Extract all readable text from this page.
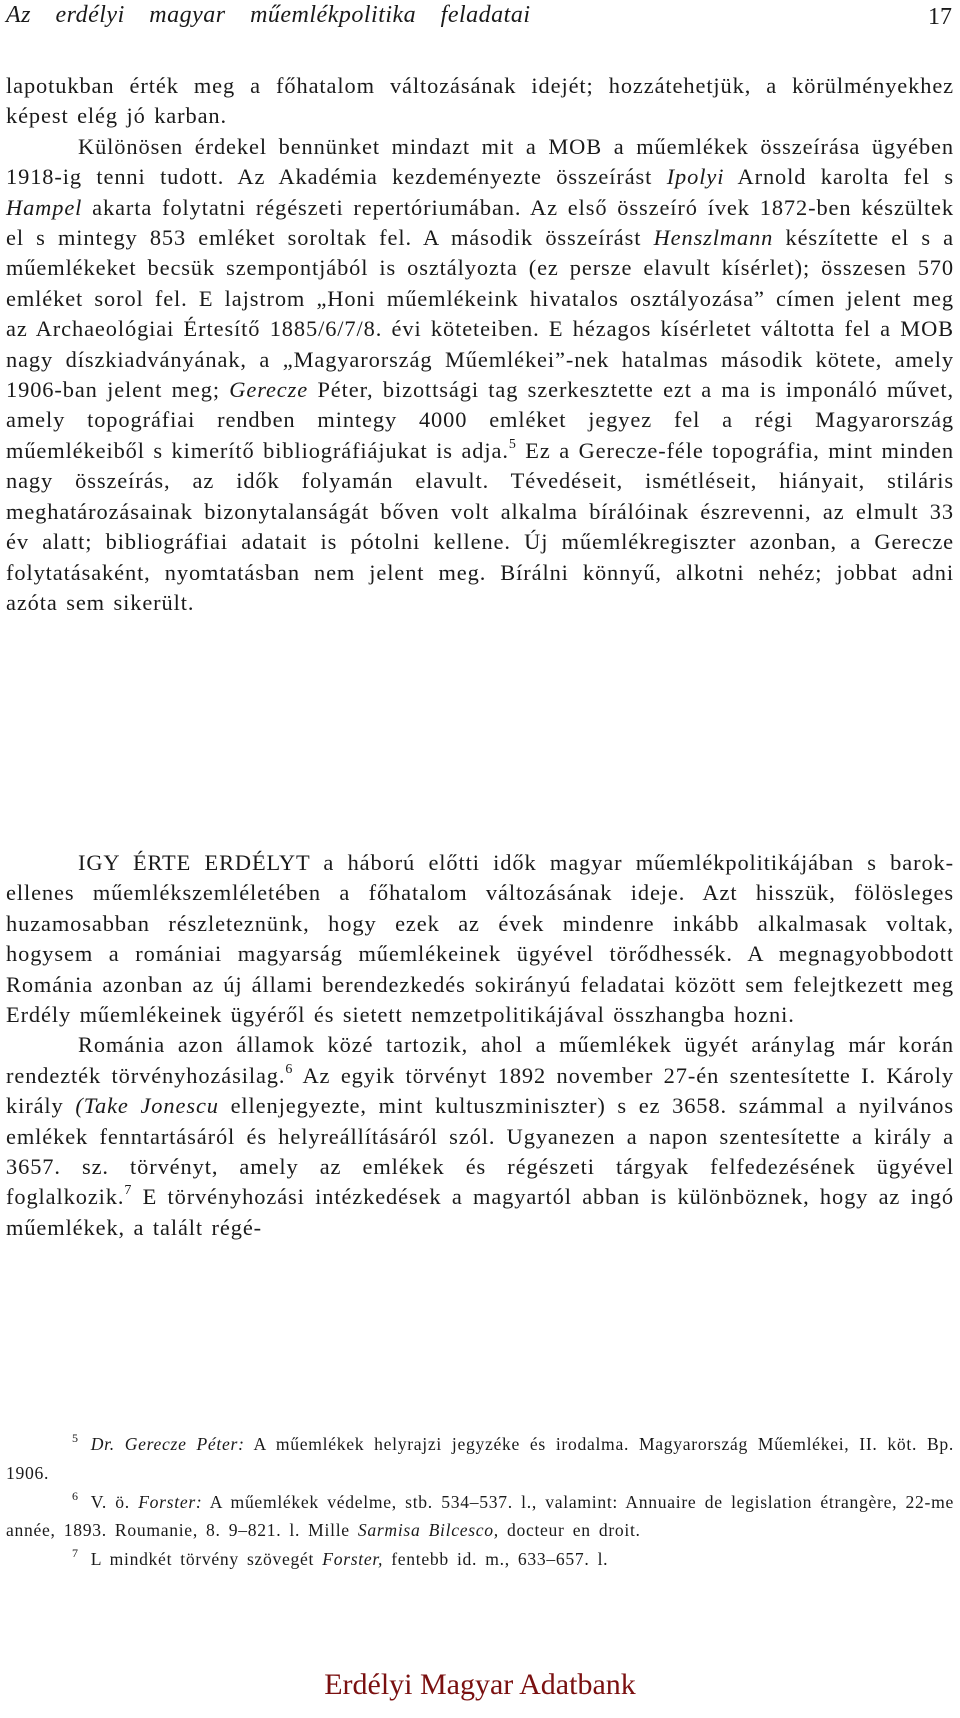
Az erdélyi magyar műemlékpolitika feladatai	17

lapotukban érték meg a főhatalom változásának idejét; hozzátehetjük, a körülményekhez képest elég jó karban.

Különösen érdekel bennünket mindazt mit a MOB a műemlékek összeírása ügyében 1918-ig tenni tudott. Az Akadémia kezdeményezte összeírást Ipolyi Arnold karolta fel s Hampel akarta folytatni régészeti repertóriumában. Az első összeíró ívek 1872-ben készültek el s mintegy 853 emléket soroltak fel. A második összeírást Henszlmann készítette el s a műemlékeket becsük szempontjából is osztályozta (ez persze elavult kísérlet); összesen 570 emléket sorol fel. E lajstrom „Honi műemlékeink hivatalos osztályozása” címen jelent meg az Archaeológiai Értesítő 1885/6/7/8. évi köteteiben. E hézagos kísérletet váltotta fel a MOB nagy díszkiadványának, a „Magyarország Műemlékei”-nek hatalmas második kötete, amely 1906-ban jelent meg; Gerecze Péter, bizottsági tag szerkesztette ezt a ma is imponáló művet, amely topográfiai rendben mintegy 4000 emléket jegyez fel a régi Magyarország műemlékeiből s kimerítő bibliográfiájukat is adja.$^5$ Ez a Gerecze-féle topográfia, mint minden nagy összeírás, az idők folyamán elavult. Tévedéseit, ismétléseit, hiányait, stiláris meghatározásainak bizonytalanságát bőven volt alkalma bírálóinak észrevenni, az elmult 33 év alatt; bibliográfiai adatait is pótolni kellene. Új műemlékregiszter azonban, a Gerecze folytatásaként, nyomtatásban nem jelent meg. Bírálni könnyű, alkotni nehéz; jobbat adni azóta sem sikerült.

IGY ÉRTE ERDÉLYT a háború előtti idők magyar műemlékpolitikájában s barok-ellenes műemlékszemléletében a főhatalom változásának ideje. Azt hisszük, fölösleges huzamosabban részleteznünk, hogy ezek az évek mindenre inkább alkalmasak voltak, hogysem a romániai magyarság műemlékeinek ügyével törődhessék. A megnagyobbodott Románia azonban az új állami berendezkedés sokirányú feladatai között sem felejtkezett meg Erdély műemlékeinek ügyéről és sietett nemzetpolitikájával összhangba hozni.

Románia azon államok közé tartozik, ahol a műemlékek ügyét aránylag már korán rendezték törvényhozásilag.$^6$ Az egyik törvényt 1892 november 27-én szentesítette I. Károly király (Take Jonescu ellenjegyezte, mint kultuszminiszter) s ez 3658. számmal a nyilvános emlékek fenntartásáról és helyreállításáról szól. Ugyanezen a napon szentesítette a király a 3657. sz. törvényt, amely az emlékek és régészeti tárgyak felfedezésének ügyével foglalkozik.$^7$ E törvényhozási intézkedések a magyartól abban is különböznek, hogy az ingó műemlékek, a talált régé-

$^5$ Dr. Gerecze Péter: A műemlékek helyrajzi jegyzéke és irodalma. Magyarország Műemlékei, II. köt. Bp. 1906.

$^6$ V. ö. Forster: A műemlékek védelme, stb. 534–537. l., valamint: Annuaire de legislation étrangère, 22-me année, 1893. Roumanie, 8. 9–821. l. Mille Sarmisa Bilcesco, docteur en droit.

$^7$ L mindkét törvény szövegét Forster, fentebb id. m., 633–657. l.

Erdélyi Magyar Adatbank
